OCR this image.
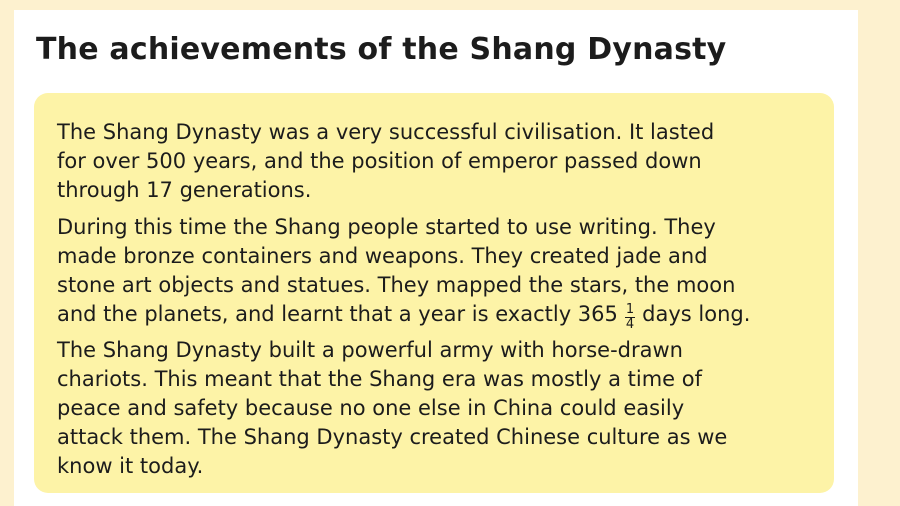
The achievements of the Shang Dynasty

The Shang Dynasty was a very successful civilisation. It lasted
for over 500 years, and the position of emperor passed down
through 17 generations.

During this time the Shang people started to use writing. They
made bronze containers and weapons. They created jade and
stone art objects and statues. They mapped the stars, the moon
and the planets, and learnt that a year is exactly $365 \frac{1}{4}$ days long.

The Shang Dynasty built a powerful army with horse-drawn
chariots. This meant that the Shang era was mostly a time of
peace and safety because no one else in China could easily
attack them. The Shang Dynasty created Chinese culture as we
know it today.
